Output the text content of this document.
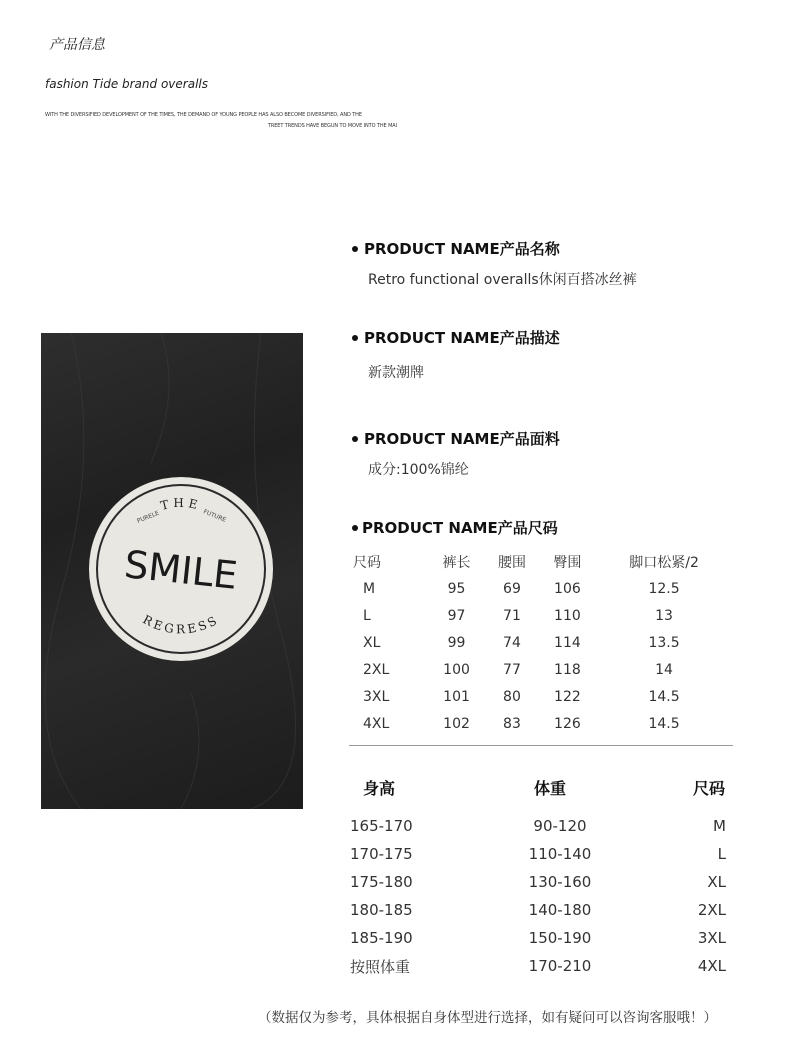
产品信息
fashion Tide brand overalls
WITH THE DIVERSIFIED DEVELOPMENT OF THE TIMES, THE DEMAND OF YOUNG PEOPLE HAS ALSO BECOME DIVERSIFIED, AND THE
TREET TRENDS HAVE BEGUN TO MOVE INTO THE MAI
THE
PURELE	FUTURE
SMILE
REGRESS
PRODUCT NAME产品名称
Retro functional overalls休闲百搭冰丝裤
PRODUCT NAME产品描述
新款潮牌
PRODUCT NAME产品面料
成分:100%锦纶
PRODUCT NAME产品尺码
尺码	裤长	腰围	臀围	脚口松紧/2
M	95	69	106	12.5
L	97	71	110	13
XL	99	74	114	13.5
2XL	100	77	118	14
3XL	101	80	122	14.5
4XL	102	83	126	14.5
身高	体重	尺码
165-170	90-120	M
170-175	110-140	L
175-180	130-160	XL
180-185	140-180	2XL
185-190	150-190	3XL
按照体重	170-210	4XL
（数据仅为参考，具体根据自身体型进行选择，如有疑问可以咨询客服哦！）
